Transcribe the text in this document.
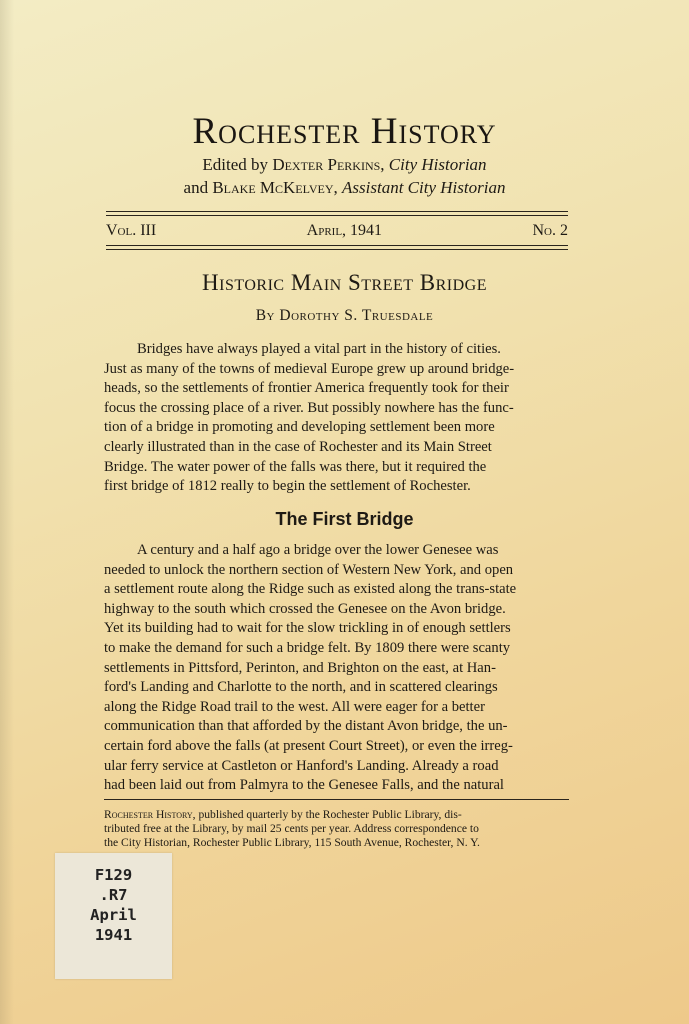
Rochester History
Edited by Dexter Perkins, City Historian
and Blake McKelvey, Assistant City Historian
Vol. III	April, 1941	No. 2
Historic Main Street Bridge
By Dorothy S. Truesdale
Bridges have always played a vital part in the history of cities.
Just as many of the towns of medieval Europe grew up around bridge-
heads, so the settlements of frontier America frequently took for their
focus the crossing place of a river. But possibly nowhere has the func-
tion of a bridge in promoting and developing settlement been more
clearly illustrated than in the case of Rochester and its Main Street
Bridge. The water power of the falls was there, but it required the
first bridge of 1812 really to begin the settlement of Rochester.
The First Bridge
A century and a half ago a bridge over the lower Genesee was
needed to unlock the northern section of Western New York, and open
a settlement route along the Ridge such as existed along the trans-state
highway to the south which crossed the Genesee on the Avon bridge.
Yet its building had to wait for the slow trickling in of enough settlers
to make the demand for such a bridge felt. By 1809 there were scanty
settlements in Pittsford, Perinton, and Brighton on the east, at Han-
ford's Landing and Charlotte to the north, and in scattered clearings
along the Ridge Road trail to the west. All were eager for a better
communication than that afforded by the distant Avon bridge, the un-
certain ford above the falls (at present Court Street), or even the irreg-
ular ferry service at Castleton or Hanford's Landing. Already a road
had been laid out from Palmyra to the Genesee Falls, and the natural
Rochester History, published quarterly by the Rochester Public Library, dis-
tributed free at the Library, by mail 25 cents per year. Address correspondence to
the City Historian, Rochester Public Library, 115 South Avenue, Rochester, N. Y.
F129
.R7
April
1941
